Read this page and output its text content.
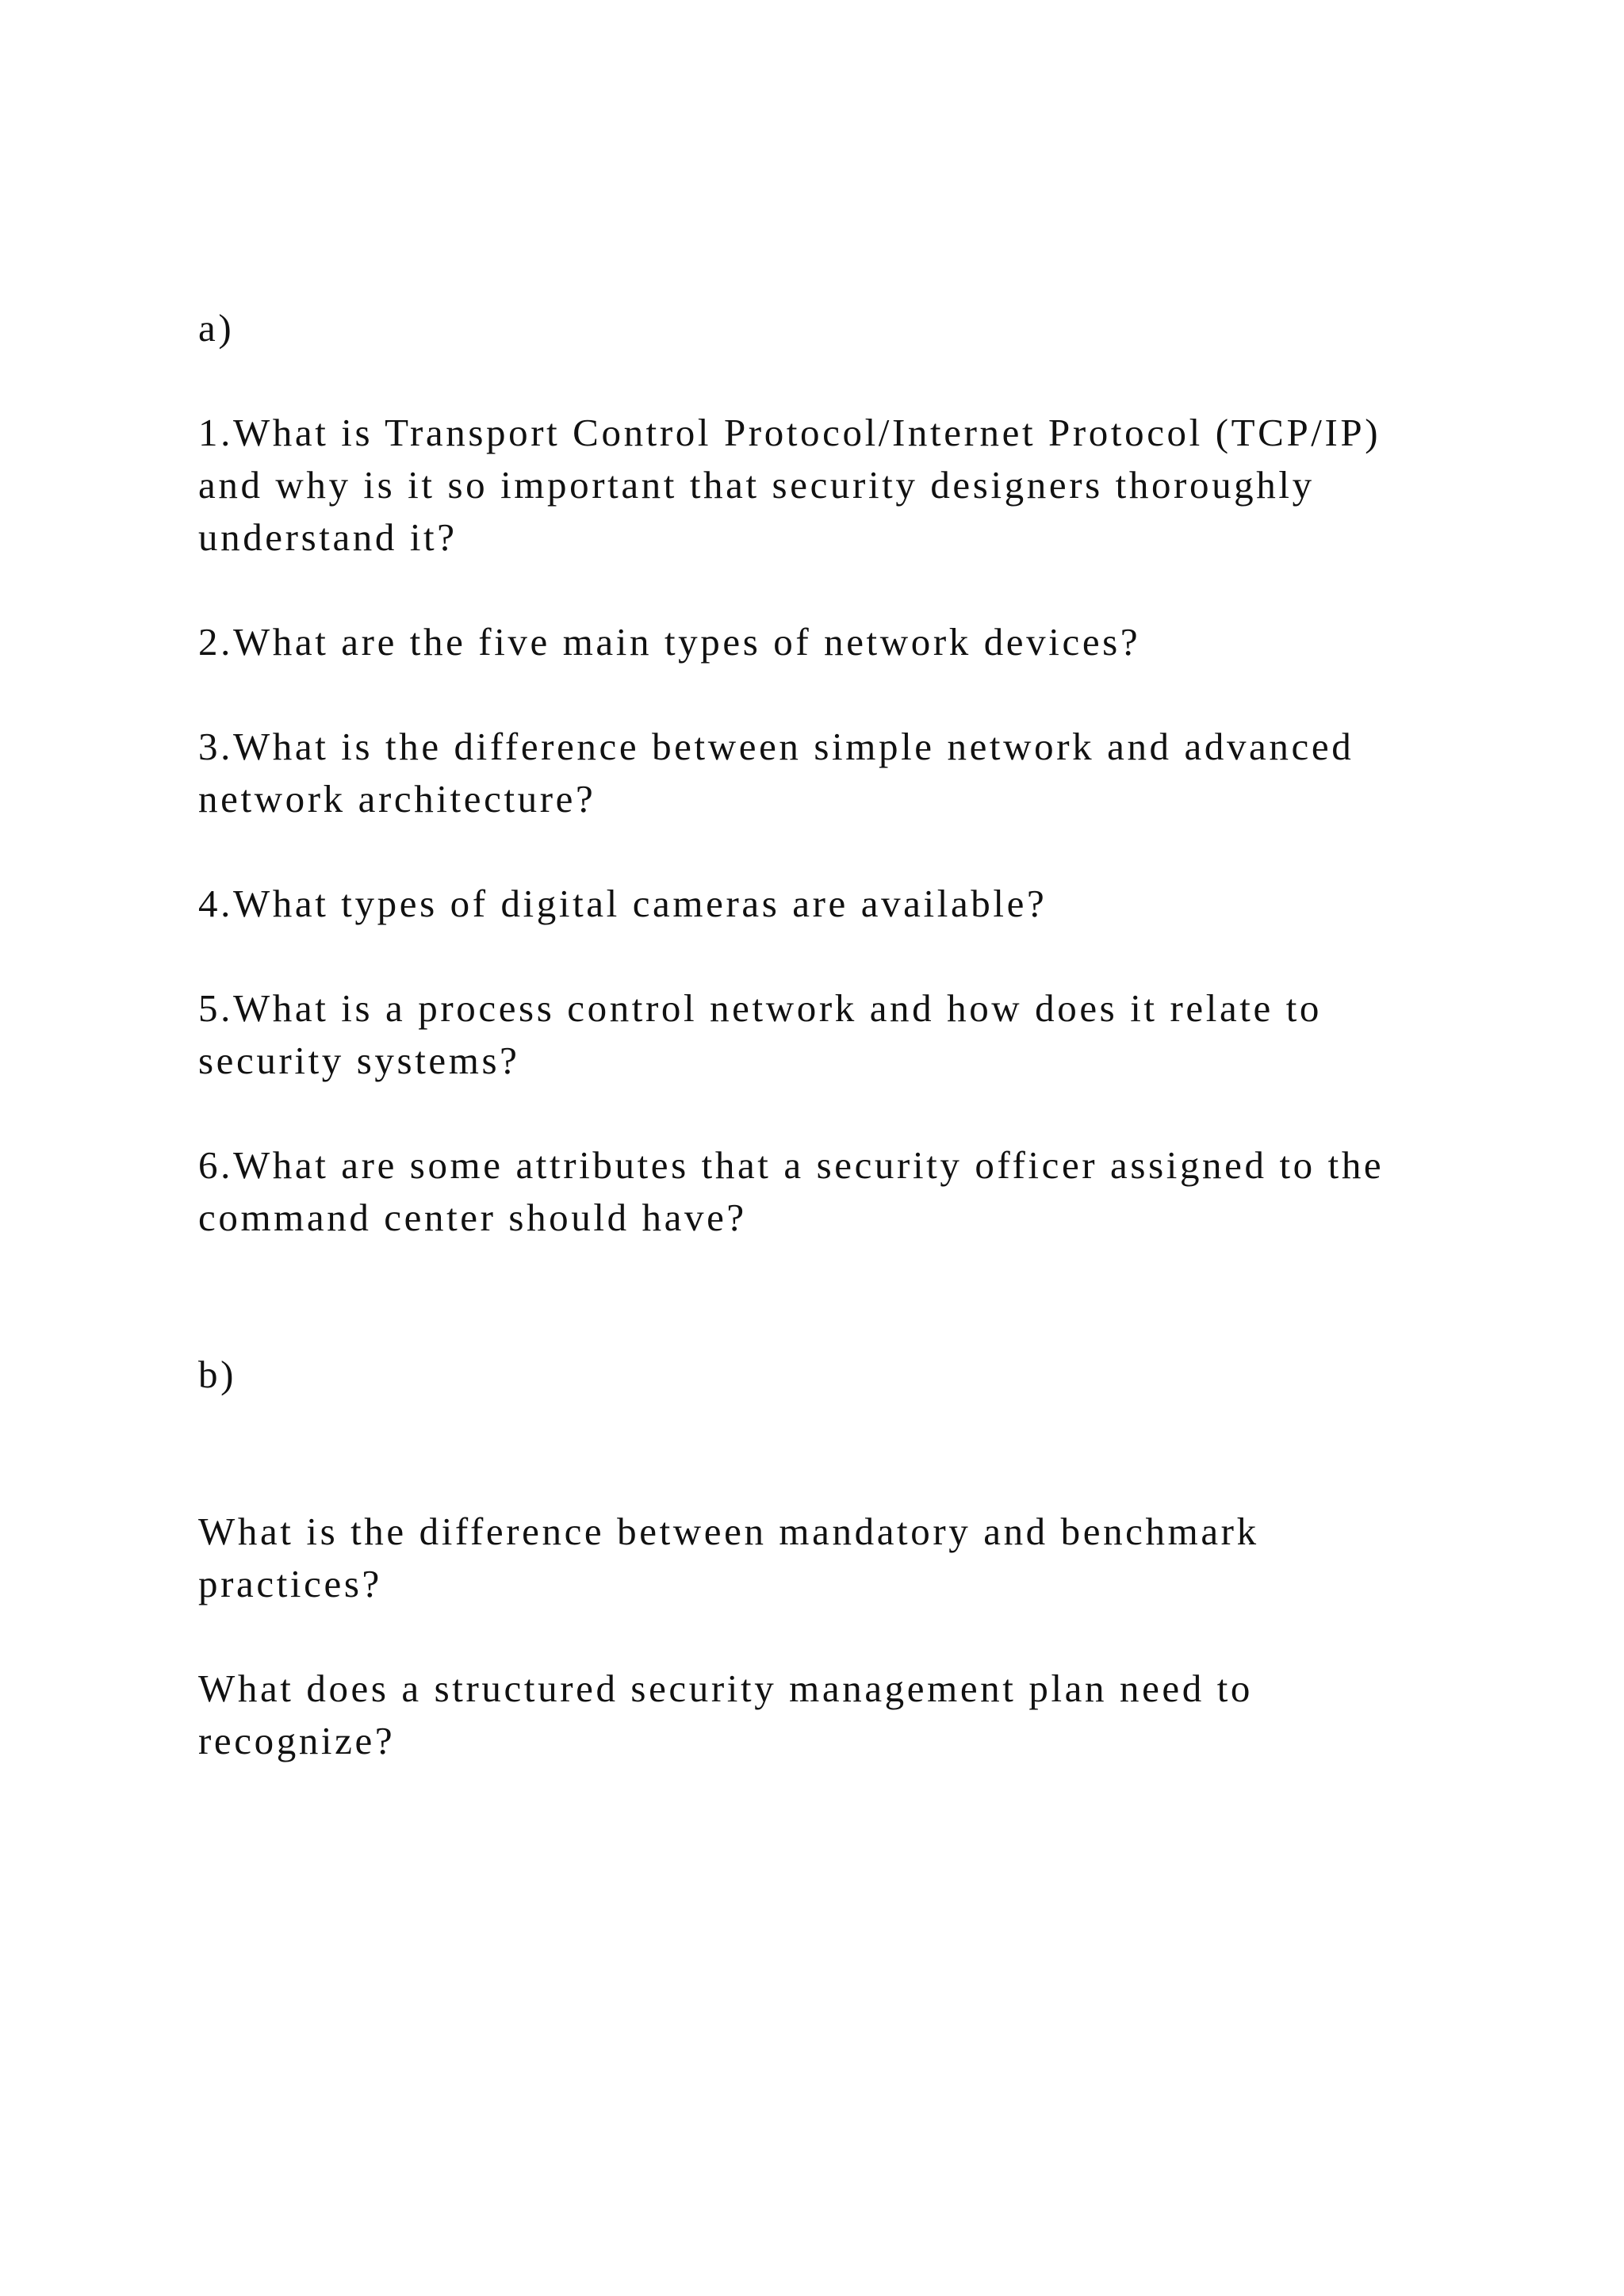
a)

1.What is Transport Control Protocol/Internet Protocol (TCP/IP)

and why is it so important that security designers thoroughly

understand it?

2.What are the five main types of network devices?

3.What is the difference between simple network and advanced

network architecture?

4.What types of digital cameras are available?

5.What is a process control network and how does it relate to

security systems?

6.What are some attributes that a security officer assigned to the

command center should have?

b)

What is the difference between mandatory and benchmark

practices?

What does a structured security management plan need to

recognize?
